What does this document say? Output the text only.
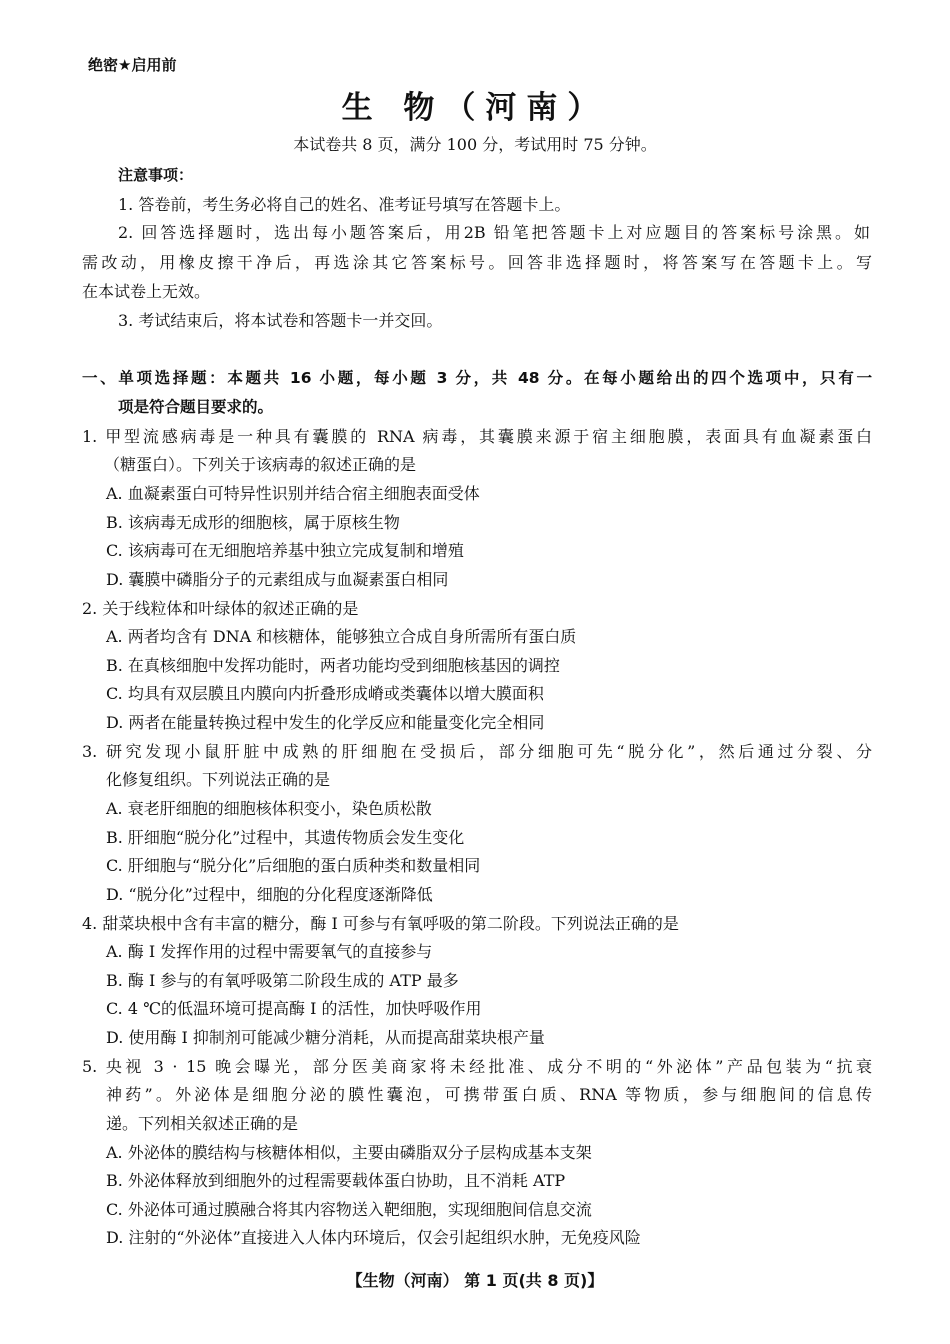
绝密★启用前
生 物（河南）
本试卷共 8 页，满分 100 分，考试用时 75 分钟。
注意事项：
1. 答卷前，考生务必将自己的姓名、准考证号填写在答题卡上。
2. 回答选择题时，选出每小题答案后，用2B 铅笔把答题卡上对应题目的答案标号涂黑。如
需改动，用橡皮擦干净后，再选涂其它答案标号。回答非选择题时，将答案写在答题卡上。写
在本试卷上无效。
3. 考试结束后，将本试卷和答题卡一并交回。
一、单项选择题：本题共 16 小题，每小题 3 分，共 48 分。在每小题给出的四个选项中，只有一
项是符合题目要求的。
1. 甲型流感病毒是一种具有囊膜的 RNA 病毒，其囊膜来源于宿主细胞膜，表面具有血凝素蛋白
（糖蛋白）。下列关于该病毒的叙述正确的是
A. 血凝素蛋白可特异性识别并结合宿主细胞表面受体
B. 该病毒无成形的细胞核，属于原核生物
C. 该病毒可在无细胞培养基中独立完成复制和增殖
D. 囊膜中磷脂分子的元素组成与血凝素蛋白相同
2. 关于线粒体和叶绿体的叙述正确的是
A. 两者均含有 DNA 和核糖体，能够独立合成自身所需所有蛋白质
B. 在真核细胞中发挥功能时，两者功能均受到细胞核基因的调控
C. 均具有双层膜且内膜向内折叠形成嵴或类囊体以增大膜面积
D. 两者在能量转换过程中发生的化学反应和能量变化完全相同
3. 研究发现小鼠肝脏中成熟的肝细胞在受损后，部分细胞可先“脱分化”，然后通过分裂、分
化修复组织。下列说法正确的是
A. 衰老肝细胞的细胞核体积变小，染色质松散
B. 肝细胞“脱分化”过程中，其遗传物质会发生变化
C. 肝细胞与“脱分化”后细胞的蛋白质种类和数量相同
D. “脱分化”过程中，细胞的分化程度逐渐降低
4. 甜菜块根中含有丰富的糖分，酶 I 可参与有氧呼吸的第二阶段。下列说法正确的是
A. 酶 I 发挥作用的过程中需要氧气的直接参与
B. 酶 I 参与的有氧呼吸第二阶段生成的 ATP 最多
C. 4 ℃的低温环境可提高酶 I 的活性，加快呼吸作用
D. 使用酶 I 抑制剂可能减少糖分消耗，从而提高甜菜块根产量
5. 央视 3 · 15 晚会曝光，部分医美商家将未经批准、成分不明的“外泌体”产品包装为“抗衰
神药”。外泌体是细胞分泌的膜性囊泡，可携带蛋白质、RNA 等物质，参与细胞间的信息传
递。下列相关叙述正确的是
A. 外泌体的膜结构与核糖体相似，主要由磷脂双分子层构成基本支架
B. 外泌体释放到细胞外的过程需要载体蛋白协助，且不消耗 ATP
C. 外泌体可通过膜融合将其内容物送入靶细胞，实现细胞间信息交流
D. 注射的“外泌体”直接进入人体内环境后，仅会引起组织水肿，无免疫风险
【生物（河南） 第 1 页(共 8 页)】
